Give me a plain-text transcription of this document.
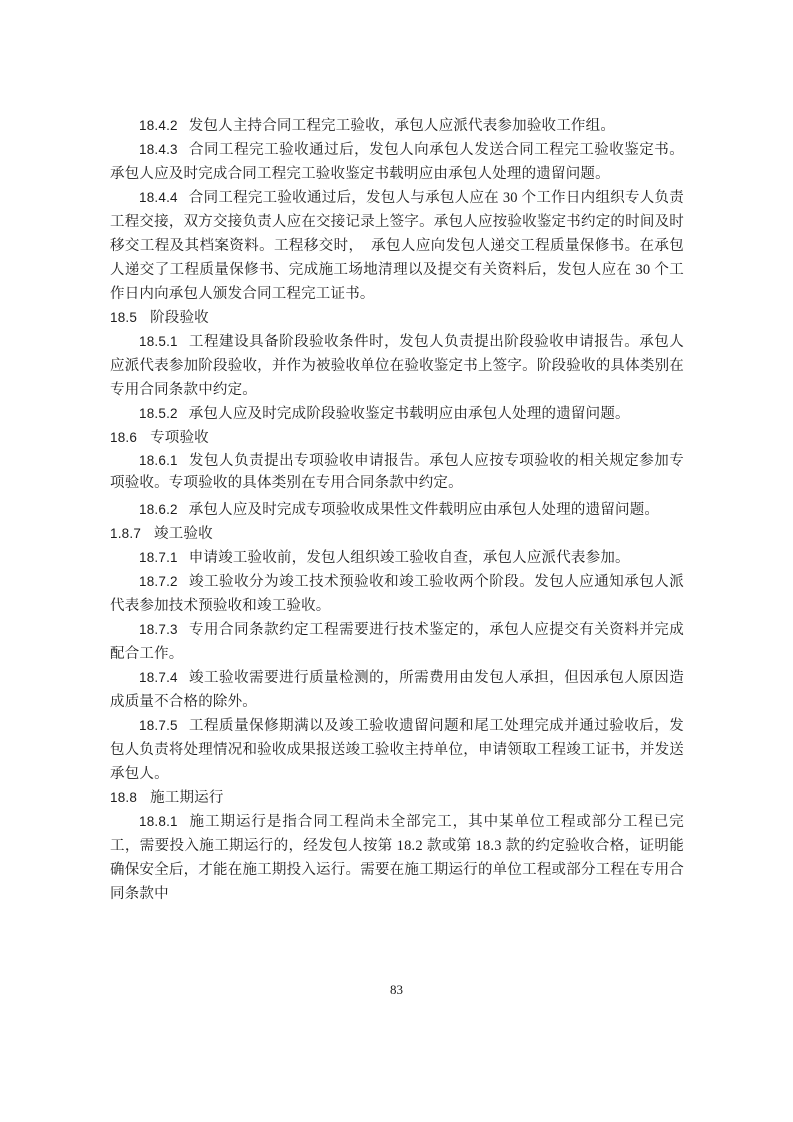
18.4.2 发包人主持合同工程完工验收，承包人应派代表参加验收工作组。

18.4.3 合同工程完工验收通过后，发包人向承包人发送合同工程完工验收鉴定书。承包人应及时完成合同工程完工验收鉴定书载明应由承包人处理的遗留问题。

18.4.4 合同工程完工验收通过后，发包人与承包人应在 30 个工作日内组织专人负责工程交接，双方交接负责人应在交接记录上签字。承包人应按验收鉴定书约定的时间及时移交工程及其档案资料。工程移交时，　承包人应向发包人递交工程质量保修书。在承包人递交了工程质量保修书、完成施工场地清理以及提交有关资料后，发包人应在 30 个工作日内向承包人颁发合同工程完工证书。

18.5 阶段验收

18.5.1 工程建设具备阶段验收条件时，发包人负责提出阶段验收申请报告。承包人应派代表参加阶段验收，并作为被验收单位在验收鉴定书上签字。阶段验收的具体类别在专用合同条款中约定。

18.5.2 承包人应及时完成阶段验收鉴定书载明应由承包人处理的遗留问题。

18.6 专项验收

18.6.1 发包人负责提出专项验收申请报告。承包人应按专项验收的相关规定参加专项验收。专项验收的具体类别在专用合同条款中约定。

18.6.2 承包人应及时完成专项验收成果性文件载明应由承包人处理的遗留问题。

1.8.7 竣工验收

18.7.1 申请竣工验收前，发包人组织竣工验收自查，承包人应派代表参加。

18.7.2 竣工验收分为竣工技术预验收和竣工验收两个阶段。发包人应通知承包人派代表参加技术预验收和竣工验收。

18.7.3 专用合同条款约定工程需要进行技术鉴定的，承包人应提交有关资料并完成配合工作。

18.7.4 竣工验收需要进行质量检测的，所需费用由发包人承担，但因承包人原因造成质量不合格的除外。

18.7.5 工程质量保修期满以及竣工验收遗留问题和尾工处理完成并通过验收后，发包人负责将处理情况和验收成果报送竣工验收主持单位，申请领取工程竣工证书，并发送承包人。

18.8 施工期运行

18.8.1 施工期运行是指合同工程尚未全部完工，其中某单位工程或部分工程已完工，需要投入施工期运行的，经发包人按第 18.2 款或第 18.3 款的约定验收合格，证明能确保安全后，才能在施工期投入运行。需要在施工期运行的单位工程或部分工程在专用合同条款中

83
